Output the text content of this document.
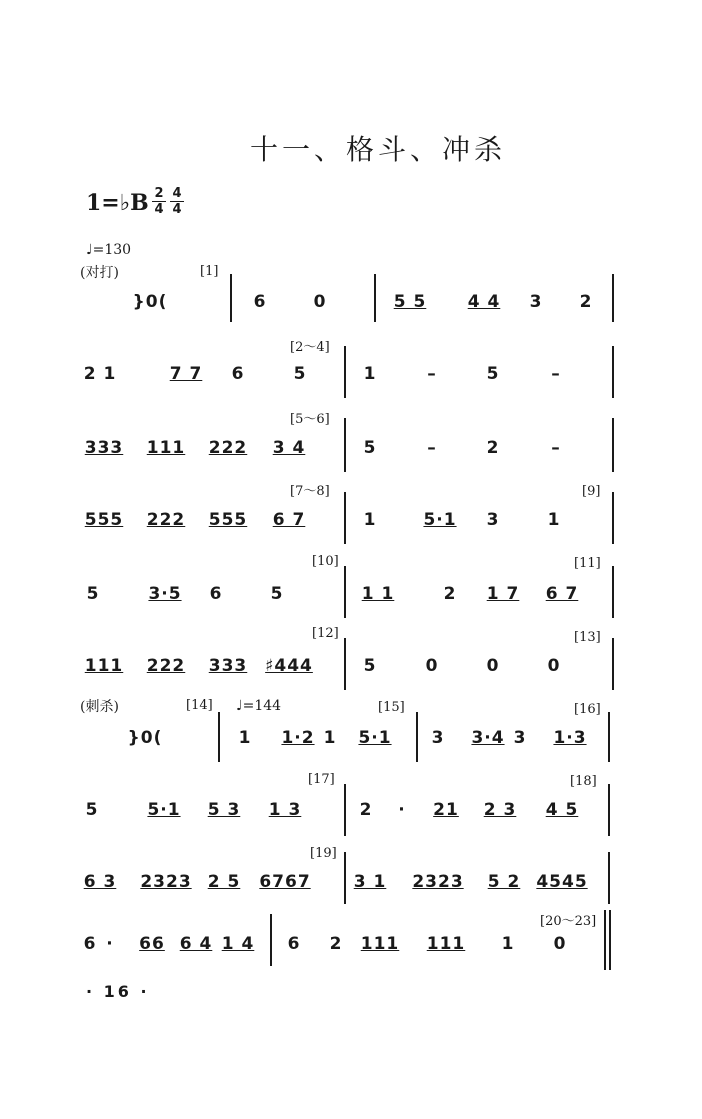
十一、格斗、冲杀
1=♭B 2
4
4
4
♩=130
(对打)
(刺杀)	♩=144
· 16 ·
}0(	6	0	5 5 4 4 3 2
2 1	7 7 6	5	1	–	5	–
333 111 222 3 4	5	–	2	–
555 222 555 6 7	1	5·1 3	1
5	3·5 6	5	1 1	2 1 7 6 7
111 222 333 ♯444	5	0	0	0
}0(	1 1·2 1 5·1 3 3·4 3 1·3
5	5·1 5 3 1 3	2 · 21 2 3 4 5
6 3 2323 2 5 6767	3 1 2323 5 2 4545
6 · 66 6 4 1 4 6 2 111 111 1 0
[1]
[2～4]
[5～6]
[7～8]	[9]
[10]	[11]
[12]	[13]
[14]	[15]	[16]
[17]	[18]
[19]
[20～23]
